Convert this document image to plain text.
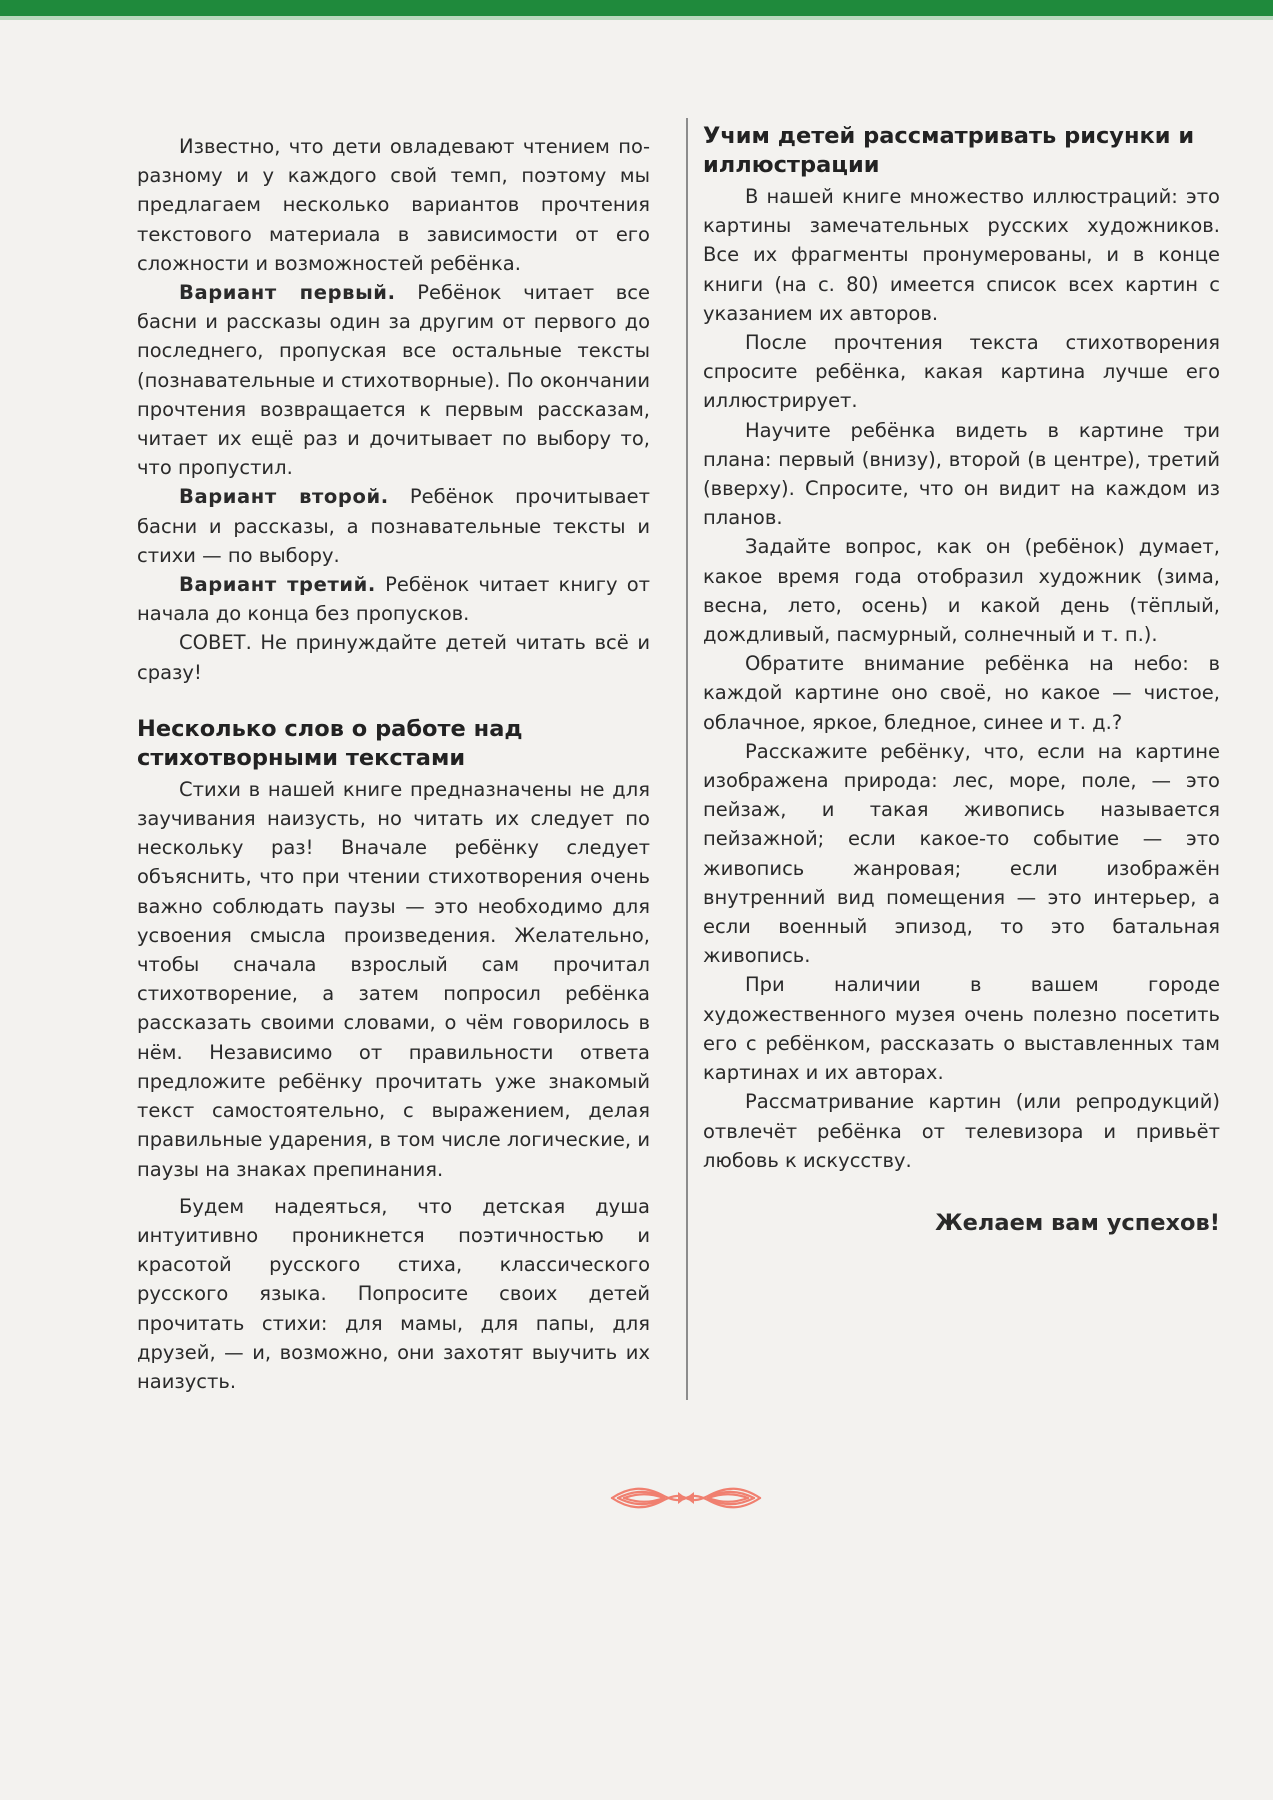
Известно, что дети овладевают чтением по-разному и у каждого свой темп, поэтому мы предлагаем несколько вариантов прочтения текстового материала в зависимости от его сложности и возможностей ребёнка.

Вариант первый. Ребёнок читает все басни и рассказы один за другим от первого до последнего, пропуская все остальные тексты (познавательные и стихотворные). По окончании прочтения возвращается к первым рассказам, читает их ещё раз и дочитывает по выбору то, что пропустил.

Вариант второй. Ребёнок прочитывает басни и рассказы, а познавательные тексты и стихи — по выбору.

Вариант третий. Ребёнок читает книгу от начала до конца без пропусков.

СОВЕТ. Не принуждайте детей читать всё и сразу!

Несколько слов о работе над стихотворными текстами

Стихи в нашей книге предназначены не для заучивания наизусть, но читать их следует по нескольку раз! Вначале ребёнку следует объяснить, что при чтении стихотворения очень важно соблюдать паузы — это необходимо для усвоения смысла произведения. Желательно, чтобы сначала взрослый сам прочитал стихотворение, а затем попросил ребёнка рассказать своими словами, о чём говорилось в нём. Независимо от правильности ответа предложите ребёнку прочитать уже знакомый текст самостоятельно, с выражением, делая правильные ударения, в том числе логические, и паузы на знаках препинания.

Будем надеяться, что детская душа интуитивно проникнется поэтичностью и красотой русского стиха, классического русского языка. Попросите своих детей прочитать стихи: для мамы, для папы, для друзей, — и, возможно, они захотят выучить их наизусть.

Учим детей рассматривать рисунки и иллюстрации

В нашей книге множество иллюстраций: это картины замечательных русских художников. Все их фрагменты пронумерованы, и в конце книги (на с. 80) имеется список всех картин с указанием их авторов.

После прочтения текста стихотворения спросите ребёнка, какая картина лучше его иллюстрирует.

Научите ребёнка видеть в картине три плана: первый (внизу), второй (в центре), третий (вверху). Спросите, что он видит на каждом из планов.

Задайте вопрос, как он (ребёнок) думает, какое время года отобразил художник (зима, весна, лето, осень) и какой день (тёплый, дождливый, пасмурный, солнечный и т. п.).

Обратите внимание ребёнка на небо: в каждой картине оно своё, но какое — чистое, облачное, яркое, бледное, синее и т. д.?

Расскажите ребёнку, что, если на картине изображена природа: лес, море, поле, — это пейзаж, и такая живопись называется пейзажной; если какое-то событие — это живопись жанровая; если изображён внутренний вид помещения — это интерьер, а если военный эпизод, то это батальная живопись.

При наличии в вашем городе художественного музея очень полезно посетить его с ребёнком, рассказать о выставленных там картинах и их авторах.

Рассматривание картин (или репродукций) отвлечёт ребёнка от телевизора и привьёт любовь к искусству.

Желаем вам успехов!
